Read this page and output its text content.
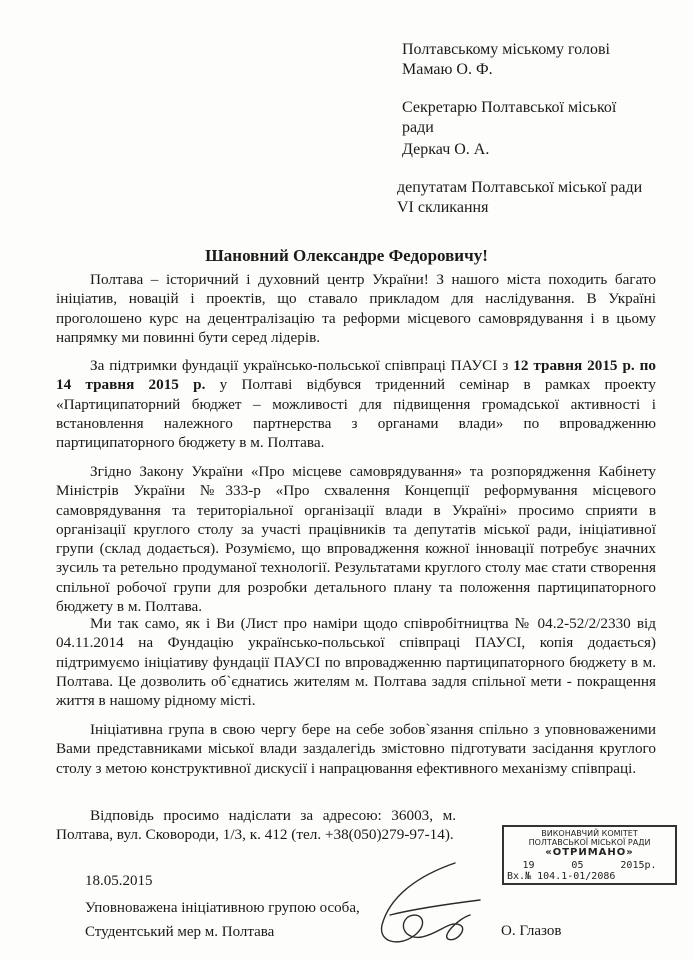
Полтавському міському голові

Мамаю О. Ф.

Секретарю Полтавської міської

ради

Деркач О. А.

депутатам Полтавської міської ради

VI скликання

Шановний Олександре Федоровичу!

Полтава – історичний і духовний центр України! З нашого міста походить багато ініціатив, новацій і проектів, що ставало прикладом для наслідування. В Україні проголошено курс на децентралізацію та реформи місцевого самоврядування і в цьому напрямку ми повинні бути серед лідерів.

За підтримки фундації українсько-польської співпраці ПАУСІ з 12 травня 2015 р. по 14 травня 2015 р. у Полтаві відбувся триденний семінар в рамках проекту «Партиципаторний бюджет – можливості для підвищення громадської активності і встановлення належного партнерства з органами влади» по впровадженню партиципаторного бюджету в м. Полтава.

Згідно Закону України «Про місцеве самоврядування» та розпорядження Кабінету Міністрів України №333-р «Про схвалення Концепції реформування місцевого самоврядування та територіальної організації влади в Україні» просимо сприяти в організації круглого столу за участі працівників та депутатів міської ради, ініціативної групи (склад додається). Розуміємо, що впровадження кожної інновації потребує значних зусиль та ретельно продуманої технології. Результатами круглого столу має стати створення спільної робочої групи для розробки детального плану та положення партиципаторного бюджету в м. Полтава.

Ми так само, як і Ви (Лист про наміри щодо співробітництва № 04.2-52/2/2330 від 04.11.2014 на Фундацію українсько-польської співпраці ПАУСІ, копія додається) підтримуємо ініціативу фундації ПАУСІ по впровадженню партиципаторного бюджету в м. Полтава. Це дозволить об`єднатись жителям м. Полтава задля спільної мети - покращення життя в нашому рідному місті.

Ініціативна група в свою чергу бере на себе зобов`язання спільно з уповноваженими Вами представниками міської влади заздалегідь змістовно підготувати засідання круглого столу з метою конструктивної дискусії і напрацювання ефективного механізму співпраці.

Відповідь просимо надіслати за адресою: 36003, м. Полтава, вул. Сковороди, 1/3, к. 412 (тел. +38(050)279-97-14).	ВИКОНАВЧИЙ КОМІТЕТ
ПОЛТАВСЬКОЇ МІСЬКОЇ РАДИ
«ОТРИМАНО»
19	05	2015р.
Вх.№ 104.1-01/2086
18.05.2015
Уповноважена ініціативною групою особа,
Студентський мер м. Полтава	О. Глазов
